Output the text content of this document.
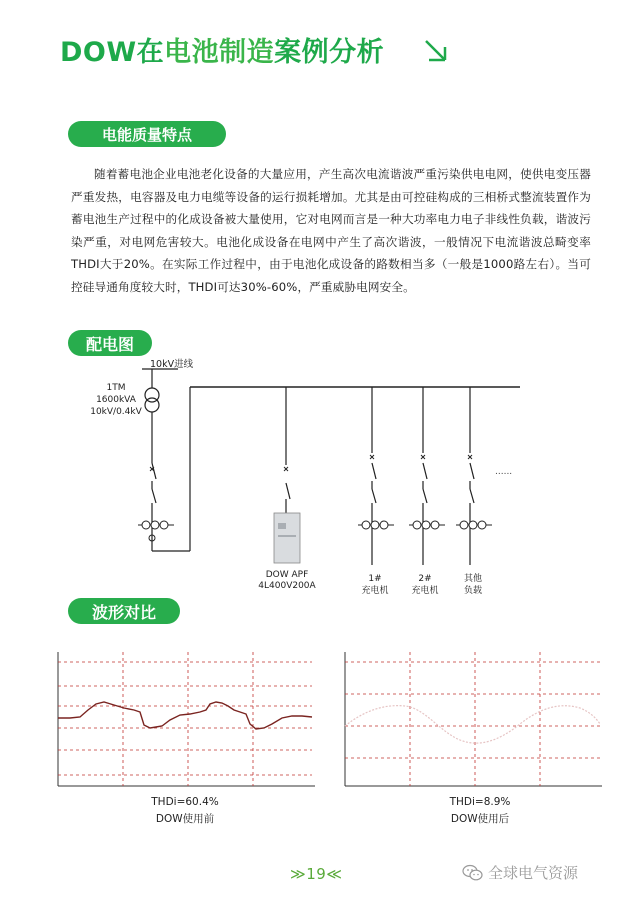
DOW在电池制造案例分析
电能质量特点
随着蓄电池企业电池老化设备的大量应用，产生高次电流谐波严重污染供电电网，使供电变压器严重发热，电容器及电力电缆等设备的运行损耗增加。尤其是由可控硅构成的三相桥式整流装置作为蓄电池生产过程中的化成设备被大量使用，它对电网而言是一种大功率电力电子非线性负载，谐波污染严重，对电网危害较大。电池化成设备在电网中产生了高次谐波，一般情况下电流谐波总畸变率THDI大于20%。在实际工作过程中，由于电池化成设备的路数相当多（一般是1000路左右）。当可控硅导通角度较大时，THDI可达30%-60%，严重威胁电网安全。
配电图
10kV进线
1TM
1600kVA
10kV/0.4kV
DOW APF
4L400V200A
1#
充电机
2#
充电机
其他
负载
......
波形对比
THDi=60.4%
DOW使用前
THDi=8.9%
DOW使用后
≫19≪	全球电气资源
